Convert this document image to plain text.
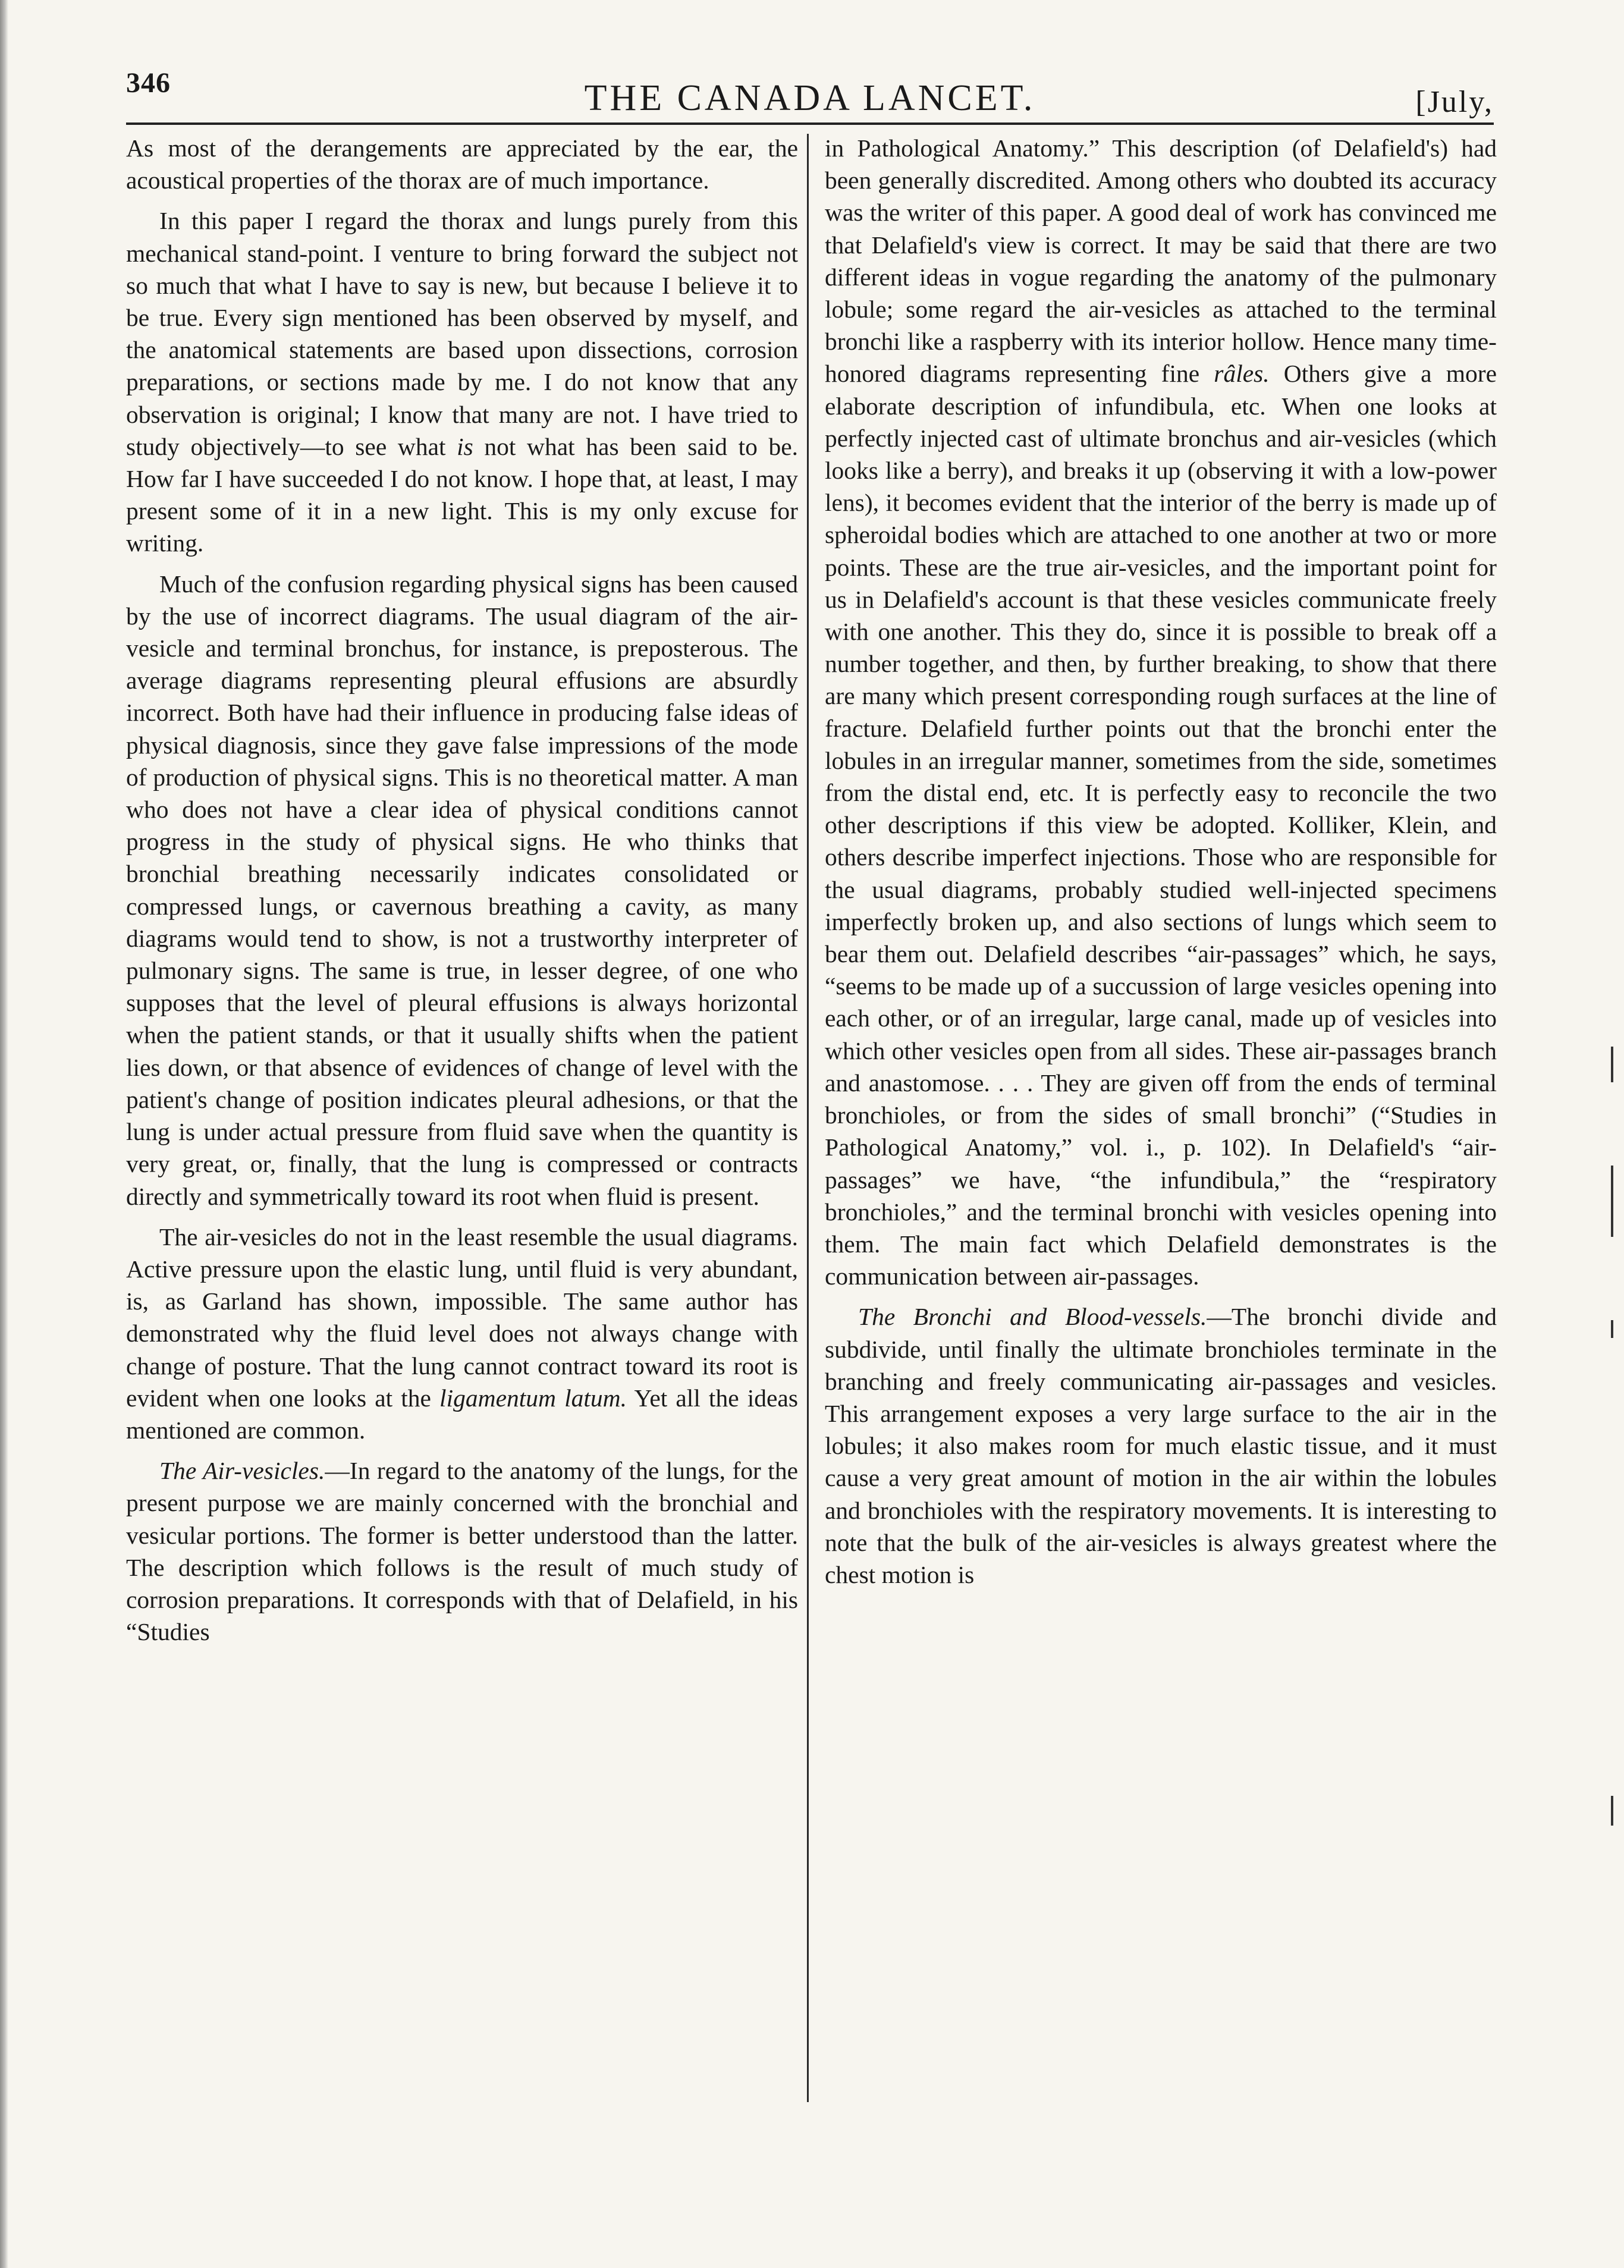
346	THE CANADA LANCET.	[July,

As most of the derangements are appreciated by the ear, the acoustical properties of the thorax are of much importance.

In this paper I regard the thorax and lungs purely from this mechanical stand-point. I venture to bring forward the subject not so much that what I have to say is new, but because I believe it to be true. Every sign mentioned has been observed by myself, and the anatomical statements are based upon dissections, corrosion preparations, or sections made by me. I do not know that any observation is original; I know that many are not. I have tried to study objectively—to see what is not what has been said to be. How far I have succeeded I do not know. I hope that, at least, I may present some of it in a new light. This is my only excuse for writing.

Much of the confusion regarding physical signs has been caused by the use of incorrect diagrams. The usual diagram of the air-vesicle and terminal bronchus, for instance, is preposterous. The average diagrams representing pleural effusions are absurdly incorrect. Both have had their influence in producing false ideas of physical diagnosis, since they gave false impressions of the mode of production of physical signs. This is no theoretical matter. A man who does not have a clear idea of physical conditions cannot progress in the study of physical signs. He who thinks that bronchial breathing necessarily indicates consolidated or compressed lungs, or cavernous breathing a cavity, as many diagrams would tend to show, is not a trustworthy interpreter of pulmonary signs. The same is true, in lesser degree, of one who supposes that the level of pleural effusions is always horizontal when the patient stands, or that it usually shifts when the patient lies down, or that absence of evidences of change of level with the patient's change of position indicates pleural adhesions, or that the lung is under actual pressure from fluid save when the quantity is very great, or, finally, that the lung is compressed or contracts directly and symmetrically toward its root when fluid is present.

The air-vesicles do not in the least resemble the usual diagrams. Active pressure upon the elastic lung, until fluid is very abundant, is, as Garland has shown, impossible. The same author has demonstrated why the fluid level does not always change with change of posture. That the lung cannot contract toward its root is evident when one looks at the ligamentum latum. Yet all the ideas mentioned are common.

The Air-vesicles.—In regard to the anatomy of the lungs, for the present purpose we are mainly concerned with the bronchial and vesicular portions. The former is better understood than the latter. The description which follows is the result of much study of corrosion preparations. It corresponds with that of Delafield, in his “Studies

in Pathological Anatomy.” This description (of Delafield's) had been generally discredited. Among others who doubted its accuracy was the writer of this paper. A good deal of work has convinced me that Delafield's view is correct. It may be said that there are two different ideas in vogue regarding the anatomy of the pulmonary lobule; some regard the air-vesicles as attached to the terminal bronchi like a raspberry with its interior hollow. Hence many time-honored diagrams representing fine râles. Others give a more elaborate description of infundibula, etc. When one looks at perfectly injected cast of ultimate bronchus and air-vesicles (which looks like a berry), and breaks it up (observing it with a low-power lens), it becomes evident that the interior of the berry is made up of spheroidal bodies which are attached to one another at two or more points. These are the true air-vesicles, and the important point for us in Delafield's account is that these vesicles communicate freely with one another. This they do, since it is possible to break off a number together, and then, by further breaking, to show that there are many which present corresponding rough surfaces at the line of fracture. Delafield further points out that the bronchi enter the lobules in an irregular manner, sometimes from the side, sometimes from the distal end, etc. It is perfectly easy to reconcile the two other descriptions if this view be adopted. Kolliker, Klein, and others describe imperfect injections. Those who are responsible for the usual diagrams, probably studied well-injected specimens imperfectly broken up, and also sections of lungs which seem to bear them out. Delafield describes “air-passages” which, he says, “seems to be made up of a succussion of large vesicles opening into each other, or of an irregular, large canal, made up of vesicles into which other vesicles open from all sides. These air-passages branch and anastomose. . . . They are given off from the ends of terminal bronchioles, or from the sides of small bronchi” (“Studies in Pathological Anatomy,” vol. i., p. 102). In Delafield's “air-passages” we have, “the infundibula,” the “respiratory bronchioles,” and the terminal bronchi with vesicles opening into them. The main fact which Delafield demonstrates is the communication between air-passages.

The Bronchi and Blood-vessels.—The bronchi divide and subdivide, until finally the ultimate bronchioles terminate in the branching and freely communicating air-passages and vesicles. This arrangement exposes a very large surface to the air in the lobules; it also makes room for much elastic tissue, and it must cause a very great amount of motion in the air within the lobules and bronchioles with the respiratory movements. It is interesting to note that the bulk of the air-vesicles is always greatest where the chest motion is
